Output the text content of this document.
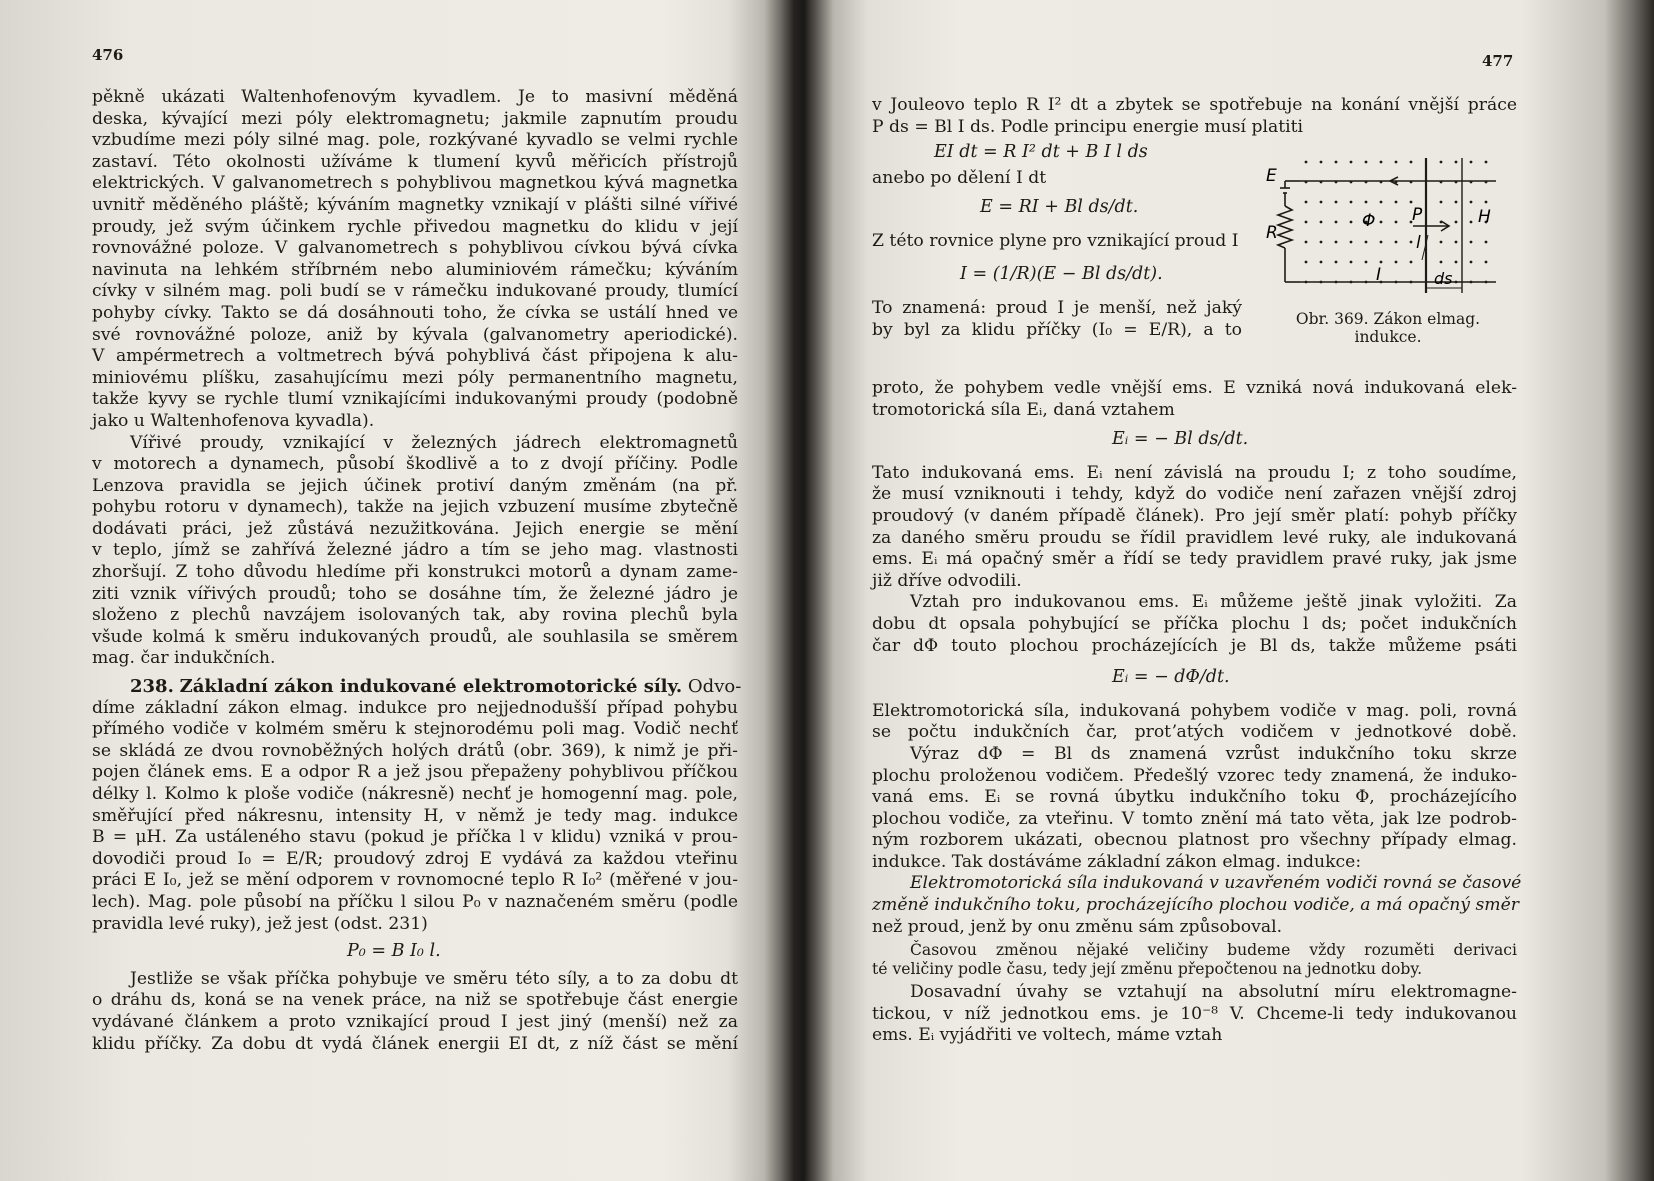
476
pěkně ukázati Waltenhofenovým kyvadlem. Je to masivní měděná
deska, kývající mezi póly elektromagnetu; jakmile zapnutím proudu
vzbudíme mezi póly silné mag. pole, rozkývané kyvadlo se velmi rychle
zastaví. Této okolnosti užíváme k tlumení kyvů měřicích přístrojů
elektrických. V galvanometrech s pohyblivou magnetkou kývá magnetka
uvnitř měděného pláště; kýváním magnetky vznikají v plášti silné vířivé
proudy, jež svým účinkem rychle přivedou magnetku do klidu v její
rovnovážné poloze. V galvanometrech s pohyblivou cívkou bývá cívka
navinuta na lehkém stříbrném nebo aluminiovém rámečku; kýváním
cívky v silném mag. poli budí se v rámečku indukované proudy, tlumící
pohyby cívky. Takto se dá dosáhnouti toho, že cívka se ustálí hned ve
své rovnovážné poloze, aniž by kývala (galvanometry aperiodické).
V ampérmetrech a voltmetrech bývá pohyblivá část připojena k alu-
miniovému plíšku, zasahujícímu mezi póly permanentního magnetu,
takže kyvy se rychle tlumí vznikajícími indukovanými proudy (podobně
jako u Waltenhofenova kyvadla).
Vířivé proudy, vznikající v železných jádrech elektromagnetů
v motorech a dynamech, působí škodlivě a to z dvojí příčiny. Podle
Lenzova pravidla se jejich účinek protiví daným změnám (na př.
pohybu rotoru v dynamech), takže na jejich vzbuzení musíme zbytečně
dodávati práci, jež zůstává nezužitkována. Jejich energie se mění
v teplo, jímž se zahřívá železné jádro a tím se jeho mag. vlastnosti
zhoršují. Z toho důvodu hledíme při konstrukci motorů a dynam zame-
ziti vznik vířivých proudů; toho se dosáhne tím, že železné jádro je
složeno z plechů navzájem isolovaných tak, aby rovina plechů byla
všude kolmá k směru indukovaných proudů, ale souhlasila se směrem
mag. čar indukčních.
238. Základní zákon indukované elektromotorické síly. Odvo-
díme základní zákon elmag. indukce pro nejjednodušší případ pohybu
přímého vodiče v kolmém směru k stejnorodému poli mag. Vodič nechť
se skládá ze dvou rovnoběžných holých drátů (obr. 369), k nimž je při-
pojen článek ems. E a odpor R a jež jsou přepaženy pohyblivou příčkou
délky l. Kolmo k ploše vodiče (nákresně) nechť je homogenní mag. pole,
směřující před nákresnu, intensity H, v němž je tedy mag. indukce
B = μH. Za ustáleného stavu (pokud je příčka l v klidu) vzniká v prou-
dovodiči proud I₀ = E/R; proudový zdroj E vydává za každou vteřinu
práci E I₀, jež se mění odporem v rovnomocné teplo R I₀² (měřené v jou-
lech). Mag. pole působí na příčku l silou P₀ v naznačeném směru (podle
pravidla levé ruky), jež jest (odst. 231)
P₀ = B I₀ l.
Jestliže se však příčka pohybuje ve směru této síly, a to za dobu dt
o dráhu ds, koná se na venek práce, na niž se spotřebuje část energie
vydávané článkem a proto vznikající proud I jest jiný (menší) než za
klidu příčky. Za dobu dt vydá článek energii EI dt, z níž část se mění
477
v Jouleovo teplo R I² dt a zbytek se spotřebuje na konání vnější práce
P ds = Bl I ds. Podle principu energie musí platiti
EI dt = R I² dt + B I l ds
anebo po dělení I dt
E = RI + Bl ds/dt.
Z této rovnice plyne pro vznikající proud I
I = (1/R)(E − Bl ds/dt).
To znamená: proud I je menší, než jaký
by byl za klidu příčky (I₀ = E/R), a to
E
R
Φ P	H
l
I	ds
Obr. 369. Zákon elmag.
indukce.
proto, že pohybem vedle vnější ems. E vzniká nová indukovaná elek-
tromotorická síla Eᵢ, daná vztahem
Eᵢ = − Bl ds/dt.
Tato indukovaná ems. Eᵢ není závislá na proudu I; z toho soudíme,
že musí vzniknouti i tehdy, když do vodiče není zařazen vnější zdroj
proudový (v daném případě článek). Pro její směr platí: pohyb příčky
za daného směru proudu se řídil pravidlem levé ruky, ale indukovaná
ems. Eᵢ má opačný směr a řídí se tedy pravidlem pravé ruky, jak jsme
již dříve odvodili.
Vztah pro indukovanou ems. Eᵢ můžeme ještě jinak vyložiti. Za
dobu dt opsala pohybující se příčka plochu l ds; počet indukčních
čar dΦ touto plochou procházejících je Bl ds, takže můžeme psáti
Eᵢ = − dΦ/dt.
Elektromotorická síla, indukovaná pohybem vodiče v mag. poli, rovná
se počtu indukčních čar, protʼatých vodičem v jednotkové době.
Výraz dΦ = Bl ds znamená vzrůst indukčního toku skrze
plochu proloženou vodičem. Předešlý vzorec tedy znamená, že induko-
vaná ems. Eᵢ se rovná úbytku indukčního toku Φ, procházejícího
plochou vodiče, za vteřinu. V tomto znění má tato věta, jak lze podrob-
ným rozborem ukázati, obecnou platnost pro všechny případy elmag.
indukce. Tak dostáváme základní zákon elmag. indukce:
Elektromotorická síla indukovaná v uzavřeném vodiči rovná se časové
změně indukčního toku, procházejícího plochou vodiče, a má opačný směr
než proud, jenž by onu změnu sám způsoboval.
Časovou změnou nějaké veličiny budeme vždy rozuměti derivaci
té veličiny podle času, tedy její změnu přepočtenou na jednotku doby.
Dosavadní úvahy se vztahují na absolutní míru elektromagne-
tickou, v níž jednotkou ems. je 10⁻⁸ V. Chceme-li tedy indukovanou
ems. Eᵢ vyjádřiti ve voltech, máme vztah
